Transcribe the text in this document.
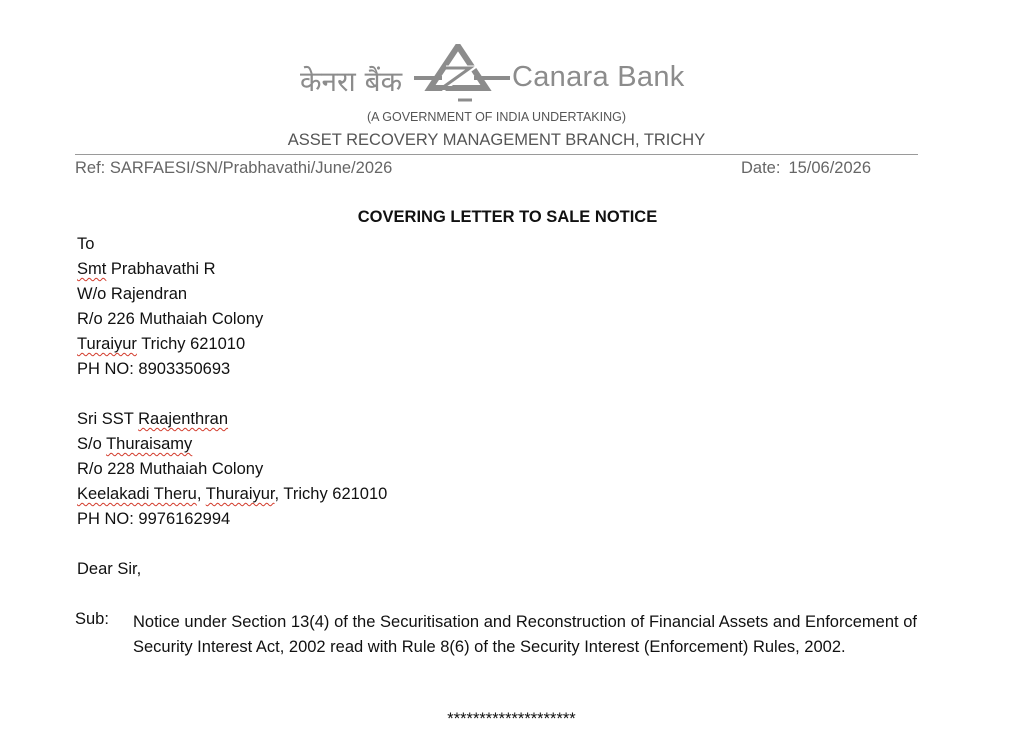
केनरा बैंक	Canara Bank
(A GOVERNMENT OF INDIA UNDERTAKING)
ASSET RECOVERY MANAGEMENT BRANCH, TRICHY
Ref: SARFAESI/SN/Prabhavathi/June/2026	Date: 15/06/2026
COVERING LETTER TO SALE NOTICE
To
Smt Prabhavathi R
W/o Rajendran
R/o 226 Muthaiah Colony
Turaiyur Trichy 621010
PH NO: 8903350693
Sri SST Raajenthran
S/o Thuraisamy
R/o 228 Muthaiah Colony
Keelakadi Theru, Thuraiyur, Trichy 621010
PH NO: 9976162994
Dear Sir,
Sub: Notice under Section 13(4) of the Securitisation and Reconstruction of Financial Assets and Enforcement of Security Interest Act, 2002 read with Rule 8(6) of the Security Interest (Enforcement) Rules, 2002.
********************
